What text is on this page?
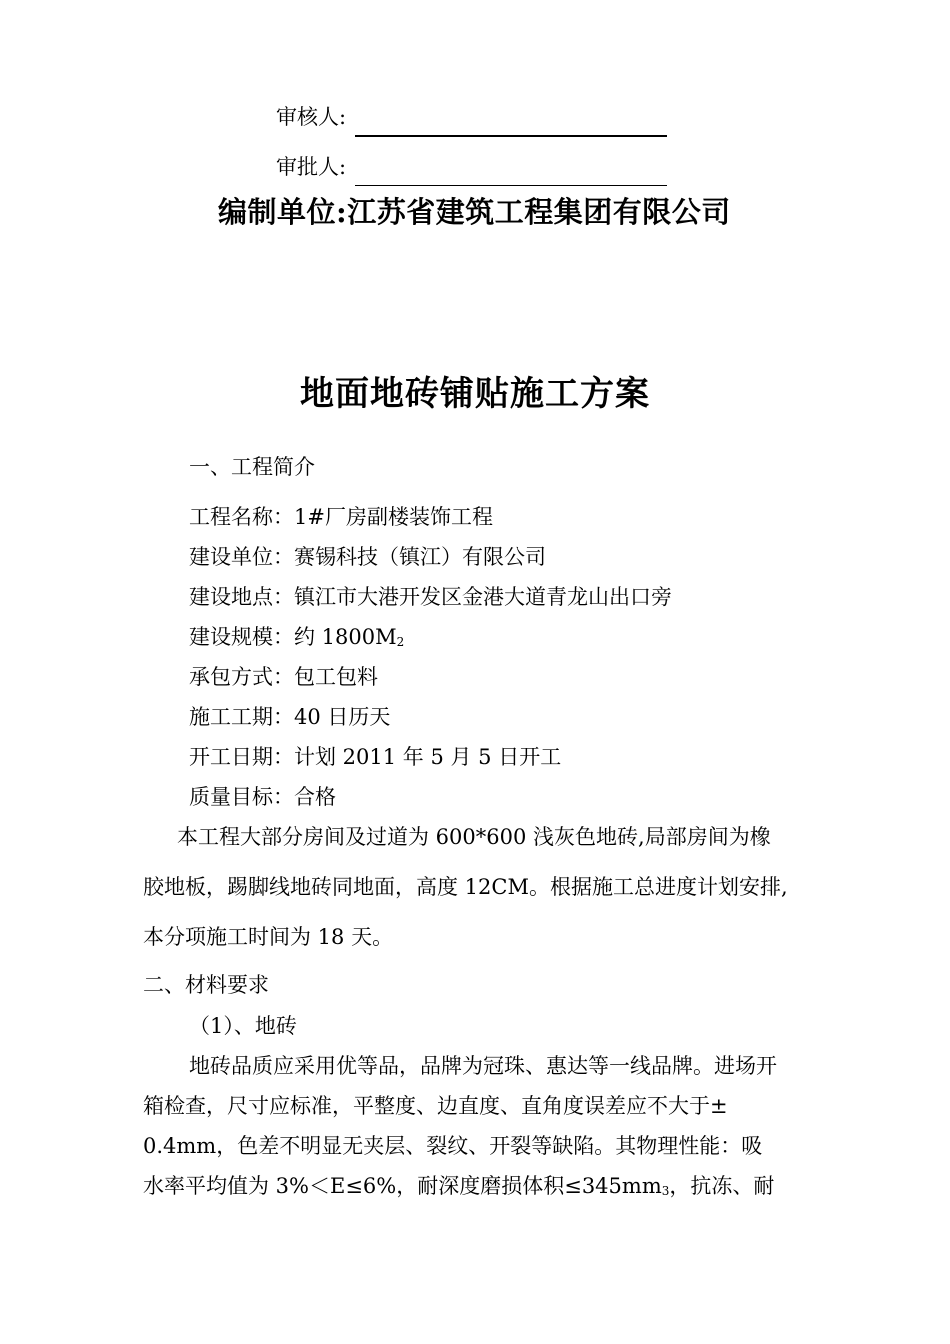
审核人:
审批人:
编制单位:江苏省建筑工程集团有限公司
地面地砖铺贴施工方案
一、工程简介
工程名称：1#厂房副楼装饰工程
建设单位：赛锡科技（镇江）有限公司
建设地点：镇江市大港开发区金港大道青龙山出口旁
建设规模：约 $1800M_2$
承包方式：包工包料
施工工期：40 日历天
开工日期：计划 2011 年 5 月 5 日开工
质量目标：合格
本工程大部分房间及过道为 600*600 浅灰色地砖,局部房间为橡
胶地板，踢脚线地砖同地面，高度 12CM。根据施工总进度计划安排,
本分项施工时间为 18 天。
二、材料要求
（1）、地砖
地砖品质应采用优等品，品牌为冠珠、惠达等一线品牌。进场开
箱检查，尺寸应标准，平整度、边直度、直角度误差应不大于±
0.4mm，色差不明显无夹层、裂纹、开裂等缺陷。其物理性能：吸
水率平均值为 3%＜E≤6%，耐深度磨损体积$\le 345mm_3$，抗冻、耐
